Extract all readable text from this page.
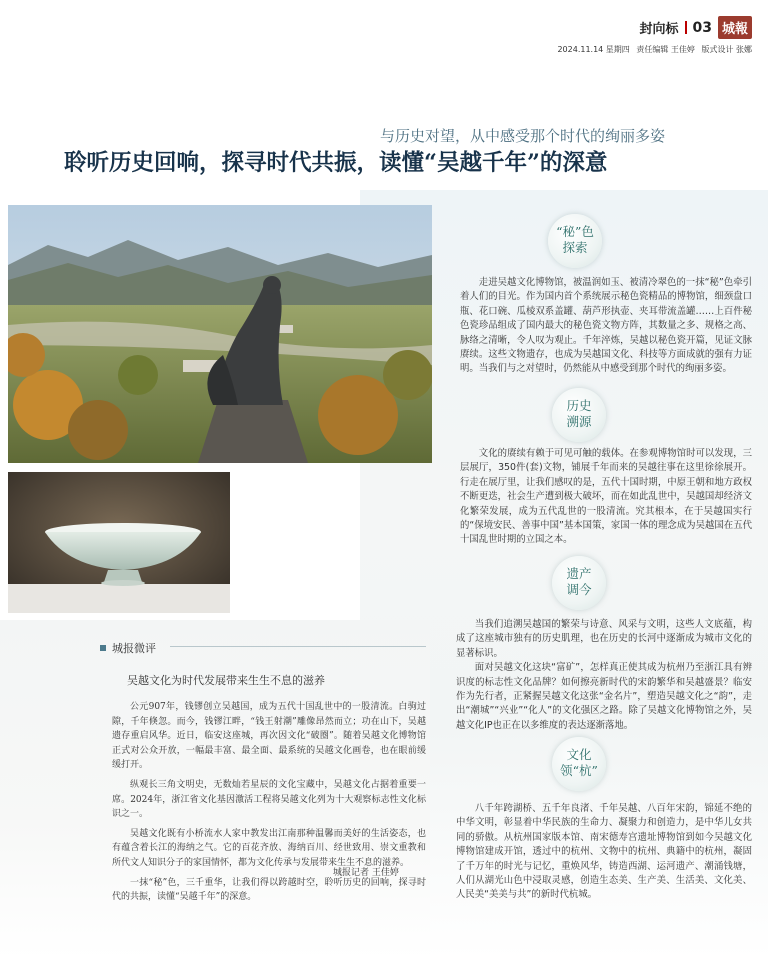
封向标 03 城報
2024.11.14 星期四 责任编辑 王佳婷 版式设计 张娜
与历史对望，从中感受那个时代的绚丽多姿
聆听历史回响，探寻时代共振，读懂“吴越千年”的深意
“秘”色
探索
历史
溯源
遗产
调今
文化
领“杭”

走进吴越文化博物馆，被温润如玉、被清冷翠色的一抹“秘”色牵引着人们的目光。作为国内首个系统展示秘色瓷精品的博物馆，细颈盘口瓶、花口碗、瓜棱双系盖罐、葫芦形执壶、夹耳带流盖罐……上百件秘色瓷珍品组成了国内最大的秘色瓷文物方阵，其数量之多、规格之高、脉络之清晰，令人叹为观止。千年淬炼，吴越以秘色瓷开篇，见证文脉赓续。这些文物遗存，也成为吴越国文化、科技等方面成就的强有力证明。当我们与之对望时，仍然能从中感受到那个时代的绚丽多姿。

文化的赓续有赖于可见可触的载体。在参观博物馆时可以发现，三层展厅，350件(套)文物，铺展千年而来的吴越往事在这里徐徐展开。行走在展厅里，让我们感叹的是，五代十国时期，中原王朝和地方政权不断更迭，社会生产遭到极大破坏，而在如此乱世中，吴越国却经济文化繁荣发展，成为五代乱世的一股清流。究其根本，在于吴越国实行的“保境安民、善事中国”基本国策，家国一体的理念成为吴越国在五代十国乱世时期的立国之本。

当我们追溯吴越国的繁荣与诗意、风采与文明，这些人文底蕴，构成了这座城市独有的历史肌理，也在历史的长河中逐渐成为城市文化的显著标识。

面对吴越文化这块“富矿”，怎样真正使其成为杭州乃至浙江具有辨识度的标志性文化品牌？如何擦亮新时代的宋韵繁华和吴越盛景？临安作为先行者，正紧握吴越文化这张“金名片”，塑造吴越文化之“韵”，走出“潮城”“兴业”“化人”的文化强区之路。除了吴越文化博物馆之外，吴越文化IP也正在以多维度的表达逐渐落地。

八千年跨湖桥、五千年良渚、千年吴越、八百年宋韵，锦延不绝的中华文明，彰显着中华民族的生命力、凝聚力和创造力，是中华儿女共同的骄傲。从杭州国家版本馆、南宋德寿宫遗址博物馆到如今吴越文化博物馆建成开馆，透过中的杭州、文物中的杭州、典籍中的杭州，凝固了千万年的时光与记忆，重焕风华，铸造西湖、运河遗产、潮涌钱塘，人们从湖光山色中浸取灵感，创造生态美、生产美、生活美、文化美、人民美“美美与共”的新时代杭城。

城报微评
吴越文化为时代发展带来生生不息的滋养

公元907年，钱镠创立吴越国，成为五代十国乱世中的一股清流。白驹过隙，千年倏忽。而今，钱镠江畔，“钱王射潮”雕像昂然而立；功在山下，吴越遗存重启风华。近日，临安这座城，再次因文化“破圈”。随着吴越文化博物馆正式对公众开放，一幅最丰富、最全面、最系统的吴越文化画卷，也在眼前缓缓打开。

纵观长三角文明史，无数灿若星辰的文化宝藏中，吴越文化占据着重要一席。2024年，浙江省文化基因激活工程将吴越文化列为十大观察标志性文化标识之一。

吴越文化既有小桥流水人家中教发出江南那种温馨而美好的生活姿态，也有蕴含着长江的海纳之气。它的百花齐放、海纳百川、经世致用、崇文重教和所代文人知识分子的家国情怀，都为文化传承与发展带来生生不息的滋养。

一抹“秘”色，三千重华，让我们得以跨越时空，聆听历史的回响，探寻时代的共振，读懂“吴越千年”的深意。

城报记者 王佳婷
